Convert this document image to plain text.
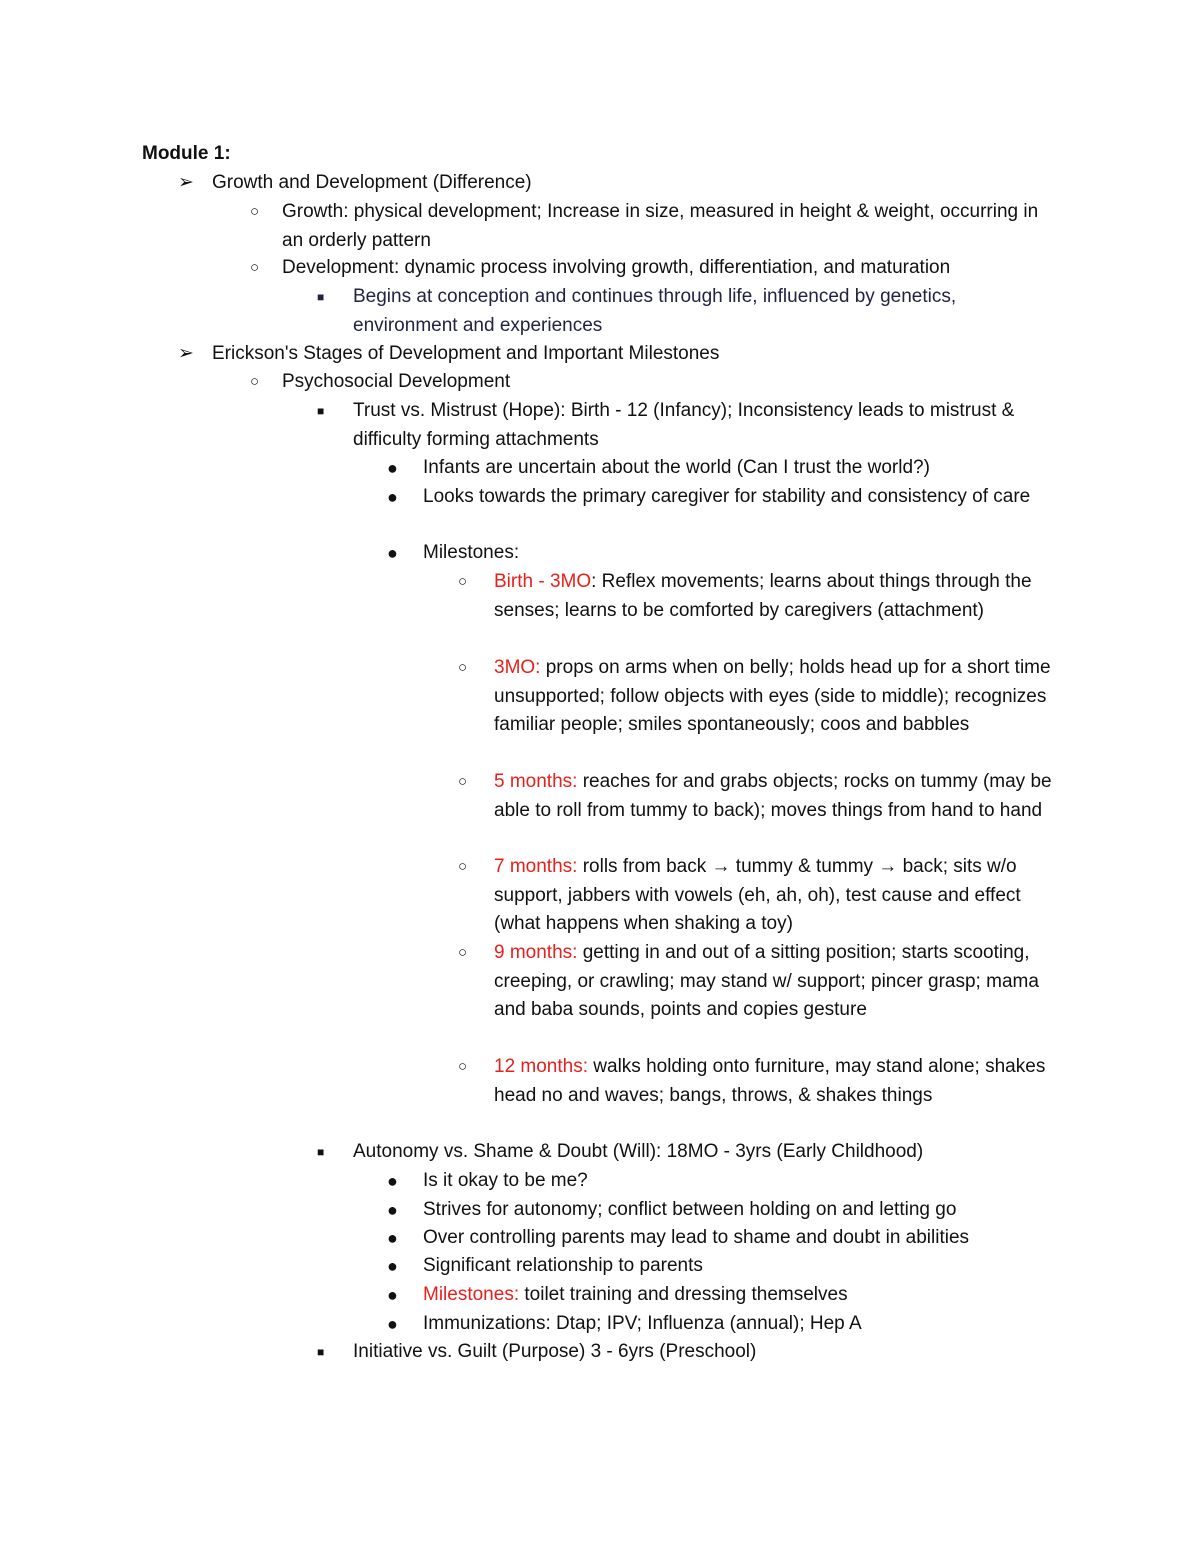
Module 1:
➢ Growth and Development (Difference)
○ Growth: physical development; Increase in size, measured in height & weight, occurring in an orderly pattern
○ Development: dynamic process involving growth, differentiation, and maturation
■ Begins at conception and continues through life, influenced by genetics, environment and experiences
➢ Erickson's Stages of Development and Important Milestones
○ Psychosocial Development
■ Trust vs. Mistrust (Hope): Birth - 12 (Infancy); Inconsistency leads to mistrust & difficulty forming attachments
● Infants are uncertain about the world (Can I trust the world?)
● Looks towards the primary caregiver for stability and consistency of care
● Milestones:
○ Birth - 3MO: Reflex movements; learns about things through the senses; learns to be comforted by caregivers (attachment)
○ 3MO: props on arms when on belly; holds head up for a short time unsupported; follow objects with eyes (side to middle); recognizes familiar people; smiles spontaneously; coos and babbles
○ 5 months: reaches for and grabs objects; rocks on tummy (may be able to roll from tummy to back); moves things from hand to hand
○ 7 months: rolls from back → tummy & tummy → back; sits w/o support, jabbers with vowels (eh, ah, oh), test cause and effect (what happens when shaking a toy)
○ 9 months: getting in and out of a sitting position; starts scooting, creeping, or crawling; may stand w/ support; pincer grasp; mama and baba sounds, points and copies gesture
○ 12 months: walks holding onto furniture, may stand alone; shakes head no and waves; bangs, throws, & shakes things
■ Autonomy vs. Shame & Doubt (Will): 18MO - 3yrs (Early Childhood)
● Is it okay to be me?
● Strives for autonomy; conflict between holding on and letting go
● Over controlling parents may lead to shame and doubt in abilities
● Significant relationship to parents
● Milestones: toilet training and dressing themselves
● Immunizations: Dtap; IPV; Influenza (annual); Hep A
■ Initiative vs. Guilt (Purpose) 3 - 6yrs (Preschool)
